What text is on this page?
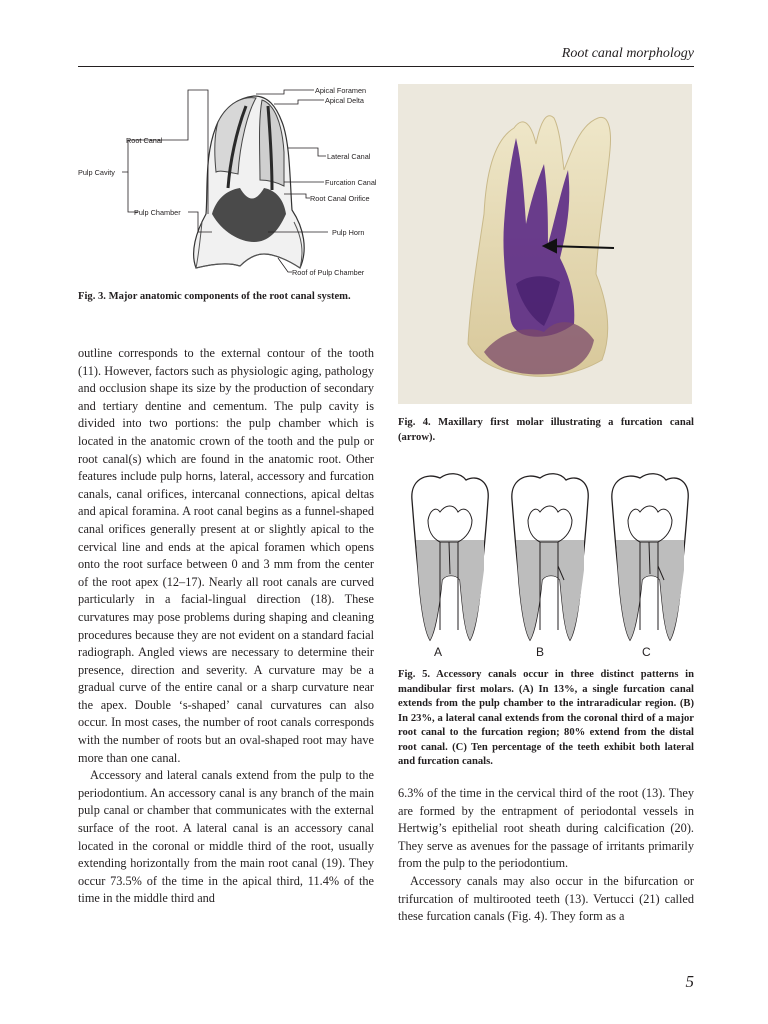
Root canal morphology
Apical Foramen
Apical Delta
Root Canal
Lateral Canal
Pulp Cavity
Furcation Canal
Root Canal Orifice
Pulp Chamber
Pulp Horn
Roof of Pulp Chamber
Fig. 3. Major anatomic components of the root canal system.
Fig. 4. Maxillary first molar illustrating a furcation canal (arrow).
A	B	C
Fig. 5. Accessory canals occur in three distinct patterns in mandibular first molars. (A) In 13%, a single furcation canal extends from the pulp chamber to the intraradicular region. (B) In 23%, a lateral canal extends from the coronal third of a major root canal to the furcation region; 80% extend from the distal root canal. (C) Ten percentage of the teeth exhibit both lateral and furcation canals.

outline corresponds to the external contour of the tooth (11). However, factors such as physiologic aging, pathology and occlusion shape its size by the production of secondary and tertiary dentine and cementum. The pulp cavity is divided into two portions: the pulp chamber which is located in the anatomic crown of the tooth and the pulp or root canal(s) which are found in the anatomic root. Other features include pulp horns, lateral, accessory and furcation canals, canal orifices, intercanal connections, apical deltas and apical foramina. A root canal begins as a funnel-shaped canal orifices generally present at or slightly apical to the cervical line and ends at the apical foramen which opens onto the root surface between 0 and 3 mm from the center of the root apex (12–17). Nearly all root canals are curved particularly in a facial-lingual direction (18). These curvatures may pose problems during shaping and cleaning procedures because they are not evident on a standard facial radiograph. Angled views are necessary to determine their presence, direction and severity. A curvature may be a gradual curve of the entire canal or a sharp curvature near the apex. Double ‘s-shaped’ canal curvatures can also occur. In most cases, the number of root canals corresponds with the number of roots but an oval-shaped root may have more than one canal.

Accessory and lateral canals extend from the pulp to the periodontium. An accessory canal is any branch of the main pulp canal or chamber that communicates with the external surface of the root. A lateral canal is an accessory canal located in the coronal or middle third of the root, usually extending horizontally from the main root canal (19). They occur 73.5% of the time in the apical third, 11.4% of the time in the middle third and

6.3% of the time in the cervical third of the root (13). They are formed by the entrapment of periodontal vessels in Hertwig’s epithelial root sheath during calcification (20). They serve as avenues for the passage of irritants primarily from the pulp to the periodontium.

Accessory canals may also occur in the bifurcation or trifurcation of multirooted teeth (13). Vertucci (21) called these furcation canals (Fig. 4). They form as a

5
